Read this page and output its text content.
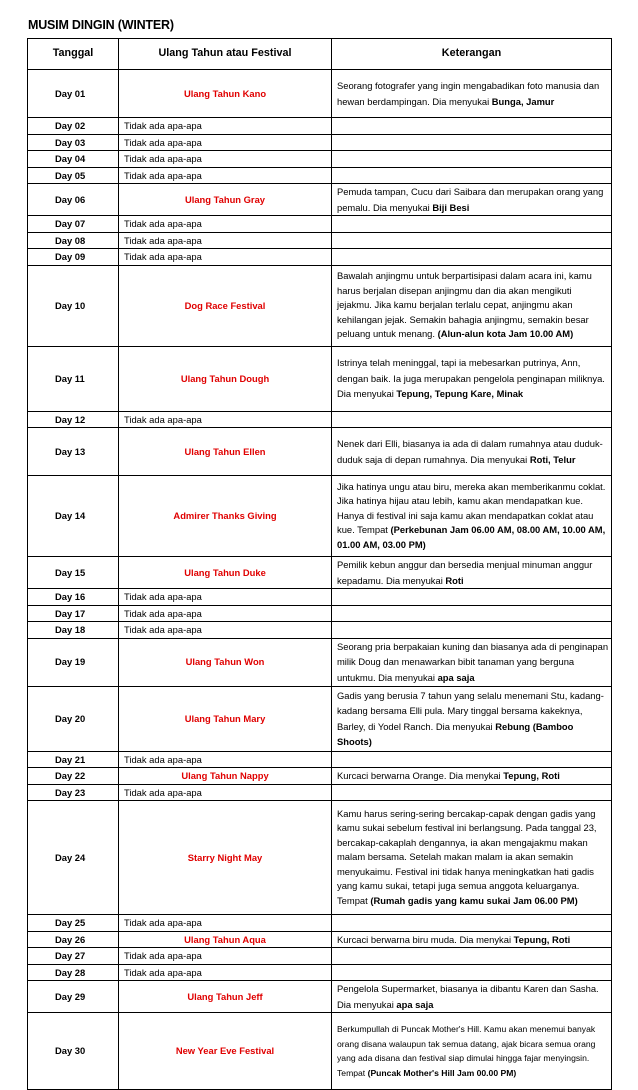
MUSIM DINGIN (WINTER)
Tanggal	Ulang Tahun atau Festival	Keterangan
Day 01	Ulang Tahun Kano	Seorang fotografer yang ingin mengabadikan foto manusia dan hewan berdampingan. Dia menyukai Bunga, Jamur
Day 02	Tidak ada apa-apa	
Day 03	Tidak ada apa-apa	
Day 04	Tidak ada apa-apa	
Day 05	Tidak ada apa-apa	
Day 06	Ulang Tahun Gray	Pemuda tampan, Cucu dari Saibara dan merupakan orang yang pemalu. Dia menyukai Biji Besi
Day 07	Tidak ada apa-apa	
Day 08	Tidak ada apa-apa	
Day 09	Tidak ada apa-apa	
Day 10	Dog Race Festival	Bawalah anjingmu untuk berpartisipasi dalam acara ini, kamu harus berjalan disepan anjingmu dan dia akan mengikuti jejakmu. Jika kamu berjalan terlalu cepat, anjingmu akan kehilangan jejak. Semakin bahagia anjingmu, semakin besar peluang untuk menang. (Alun-alun kota Jam 10.00 AM)
Day 11	Ulang Tahun Dough	Istrinya telah meninggal, tapi ia mebesarkan putrinya, Ann, dengan baik. Ia juga merupakan pengelola penginapan miliknya. Dia menyukai Tepung, Tepung Kare, Minak
Day 12	Tidak ada apa-apa	
Day 13	Ulang Tahun Ellen	Nenek dari Elli, biasanya ia ada di dalam rumahnya atau duduk-duduk saja di depan rumahnya. Dia menyukai Roti, Telur
Day 14	Admirer Thanks Giving	Jika hatinya ungu atau biru, mereka akan memberikanmu coklat. Jika hatinya hijau atau lebih, kamu akan mendapatkan kue. Hanya di festival ini saja kamu akan mendapatkan coklat atau kue. Tempat (Perkebunan Jam 06.00 AM, 08.00 AM, 10.00 AM, 01.00 AM, 03.00 PM)
Day 15	Ulang Tahun Duke	Pemilik kebun anggur dan bersedia menjual minuman anggur kepadamu. Dia menyukai Roti
Day 16	Tidak ada apa-apa	
Day 17	Tidak ada apa-apa	
Day 18	Tidak ada apa-apa	
Day 19	Ulang Tahun Won	Seorang pria berpakaian kuning dan biasanya ada di penginapan milik Doug dan menawarkan bibit tanaman yang berguna untukmu. Dia menyukai apa saja
Day 20	Ulang Tahun Mary	Gadis yang berusia 7 tahun yang selalu menemani Stu, kadang-kadang bersama Elli pula. Mary tinggal bersama kakeknya, Barley, di Yodel Ranch. Dia menyukai Rebung (Bamboo Shoots)
Day 21	Tidak ada apa-apa	
Day 22	Ulang Tahun Nappy	Kurcaci berwarna Orange. Dia menykai Tepung, Roti
Day 23	Tidak ada apa-apa	
Day 24	Starry Night May	Kamu harus sering-sering bercakap-capak dengan gadis yang kamu sukai sebelum festival ini berlangsung. Pada tanggal 23, bercakap-cakaplah dengannya, ia akan mengajakmu makan malam bersama. Setelah makan malam ia akan semakin menyukaimu. Festival ini tidak hanya meningkatkan hati gadis yang kamu sukai, tetapi juga semua anggota keluarganya. Tempat (Rumah gadis yang kamu sukai Jam 06.00 PM)
Day 25	Tidak ada apa-apa	
Day 26	Ulang Tahun Aqua	Kurcaci berwarna biru muda. Dia menykai Tepung, Roti
Day 27	Tidak ada apa-apa	
Day 28	Tidak ada apa-apa	
Day 29	Ulang Tahun Jeff	Pengelola Supermarket, biasanya ia dibantu Karen dan Sasha. Dia menyukai apa saja
Day 30	New Year Eve Festival	Berkumpullah di Puncak Mother's Hill. Kamu akan menemui banyak orang disana walaupun tak semua datang, ajak bicara semua orang yang ada disana dan festival siap dimulai hingga fajar menyingsin. Tempat (Puncak Mother's Hill Jam 00.00 PM)
